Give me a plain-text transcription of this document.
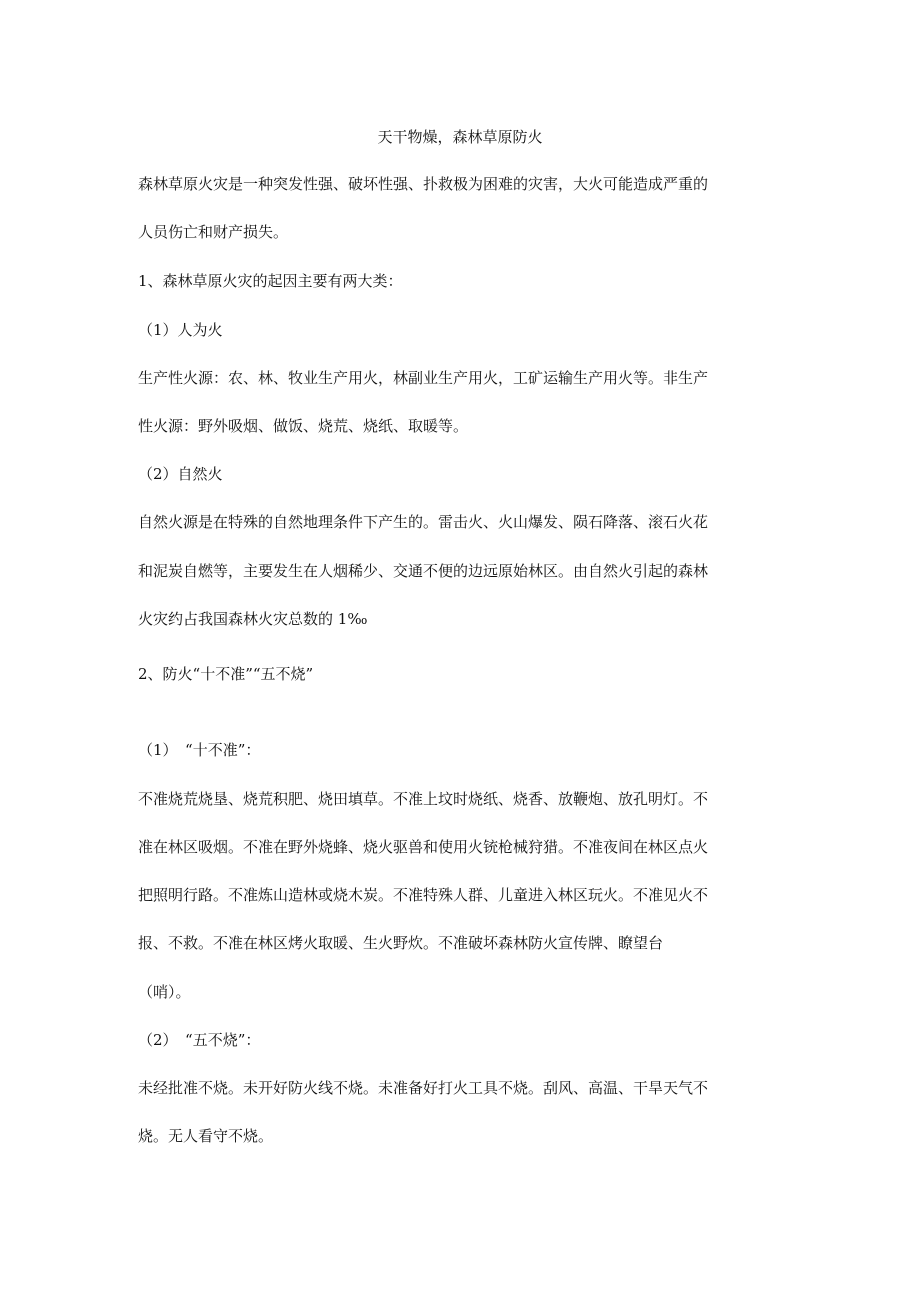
天干物燥，森林草原防火
森林草原火灾是一种突发性强、破坏性强、扑救极为困难的灾害，大火可能造成严重的
人员伤亡和财产损失。
1、森林草原火灾的起因主要有两大类：
（1）人为火
生产性火源：农、林、牧业生产用火，林副业生产用火，工矿运输生产用火等。非生产
性火源：野外吸烟、做饭、烧荒、烧纸、取暖等。
（2）自然火
自然火源是在特殊的自然地理条件下产生的。雷击火、火山爆发、陨石降落、滚石火花
和泥炭自燃等，主要发生在人烟稀少、交通不便的边远原始林区。由自然火引起的森林
火灾约占我国森林火灾总数的 1‰
2、防火“十不准”“五不烧”
（1）　“十不准”：
不准烧荒烧垦、烧荒积肥、烧田填草。不准上坟时烧纸、烧香、放鞭炮、放孔明灯。不
准在林区吸烟。不准在野外烧蜂、烧火驱兽和使用火铳枪械狩猎。不准夜间在林区点火
把照明行路。不准炼山造林或烧木炭。不准特殊人群、儿童进入林区玩火。不准见火不
报、不救。不准在林区烤火取暖、生火野炊。不准破坏森林防火宣传牌、瞭望台
（哨）。
（2）　“五不烧”：
未经批准不烧。未开好防火线不烧。未准备好打火工具不烧。刮风、高温、干旱天气不
烧。无人看守不烧。
